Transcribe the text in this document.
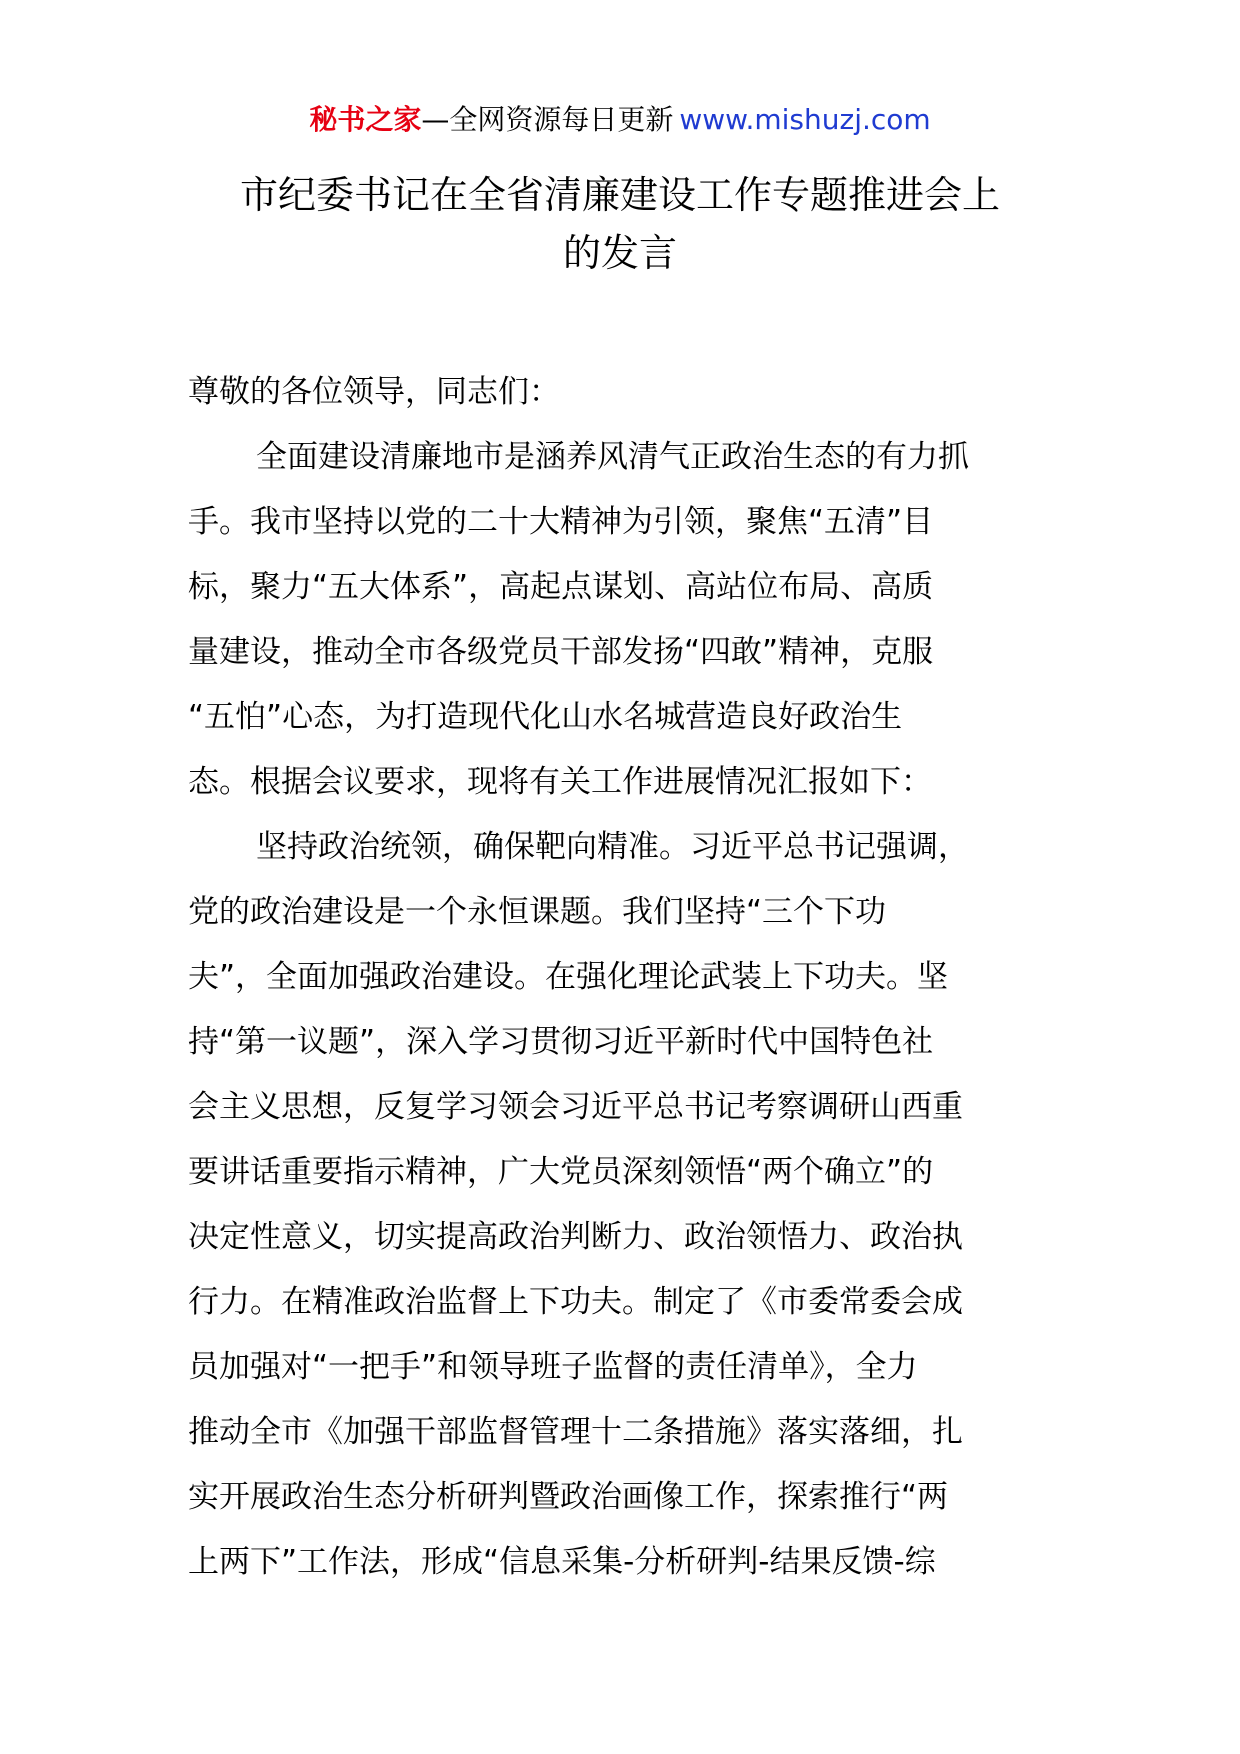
秘书之家—全网资源每日更新 www.mishuzj.com
市纪委书记在全省清廉建设工作专题推进会上
的发言
尊敬的各位领导，同志们：
全面建设清廉地市是涵养风清气正政治生态的有力抓
手。我市坚持以党的二十大精神为引领，聚焦“五清”目
标，聚力“五大体系”，高起点谋划、高站位布局、高质
量建设，推动全市各级党员干部发扬“四敢”精神，克服
“五怕”心态，为打造现代化山水名城营造良好政治生
态。根据会议要求，现将有关工作进展情况汇报如下：
坚持政治统领，确保靶向精准。习近平总书记强调，
党的政治建设是一个永恒课题。我们坚持“三个下功
夫”，全面加强政治建设。在强化理论武装上下功夫。坚
持“第一议题”，深入学习贯彻习近平新时代中国特色社
会主义思想，反复学习领会习近平总书记考察调研山西重
要讲话重要指示精神，广大党员深刻领悟“两个确立”的
决定性意义，切实提高政治判断力、政治领悟力、政治执
行力。在精准政治监督上下功夫。制定了《市委常委会成
员加强对“一把手”和领导班子监督的责任清单》，全力
推动全市《加强干部监督管理十二条措施》落实落细，扎
实开展政治生态分析研判暨政治画像工作，探索推行“两
上两下”工作法，形成“信息采集-分析研判-结果反馈-综
